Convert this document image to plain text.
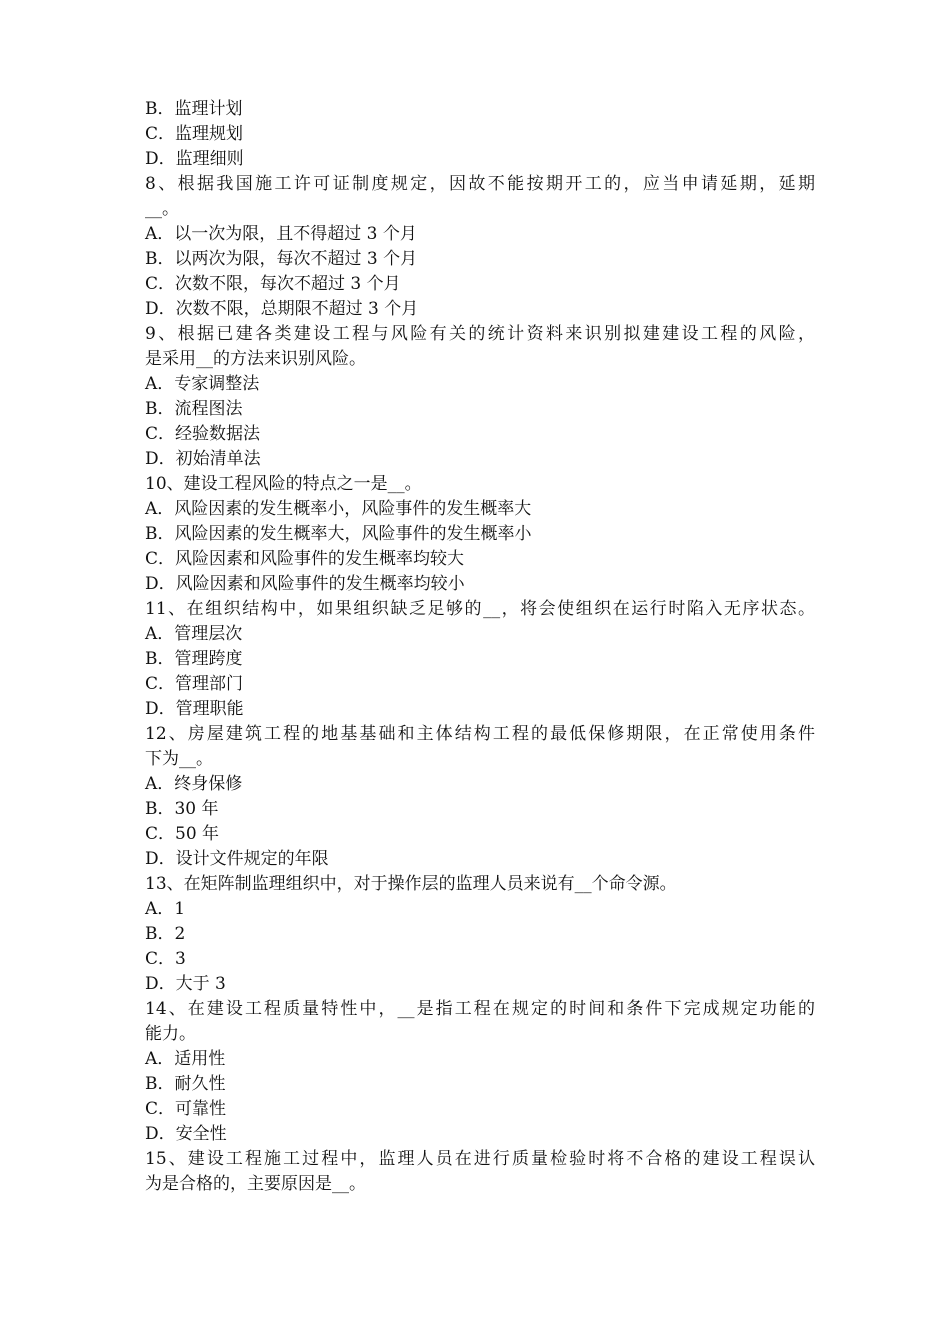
B．监理计划
C．监理规划
D．监理细则
8、根据我国施工许可证制度规定，因故不能按期开工的，应当申请延期，延期
__。
A．以一次为限，且不得超过 3 个月
B．以两次为限，每次不超过 3 个月
C．次数不限，每次不超过 3 个月
D．次数不限，总期限不超过 3 个月
9、根据已建各类建设工程与风险有关的统计资料来识别拟建建设工程的风险，
是采用__的方法来识别风险。
A．专家调整法
B．流程图法
C．经验数据法
D．初始清单法
10、建设工程风险的特点之一是__。
A．风险因素的发生概率小，风险事件的发生概率大
B．风险因素的发生概率大，风险事件的发生概率小
C．风险因素和风险事件的发生概率均较大
D．风险因素和风险事件的发生概率均较小
11、在组织结构中，如果组织缺乏足够的__，将会使组织在运行时陷入无序状态。
A．管理层次
B．管理跨度
C．管理部门
D．管理职能
12、房屋建筑工程的地基基础和主体结构工程的最低保修期限，在正常使用条件
下为__。
A．终身保修
B．30 年
C．50 年
D．设计文件规定的年限
13、在矩阵制监理组织中，对于操作层的监理人员来说有__个命令源。
A．1
B．2
C．3
D．大于 3
14、在建设工程质量特性中，__是指工程在规定的时间和条件下完成规定功能的
能力。
A．适用性
B．耐久性
C．可靠性
D．安全性
15、建设工程施工过程中，监理人员在进行质量检验时将不合格的建设工程误认
为是合格的，主要原因是__。
